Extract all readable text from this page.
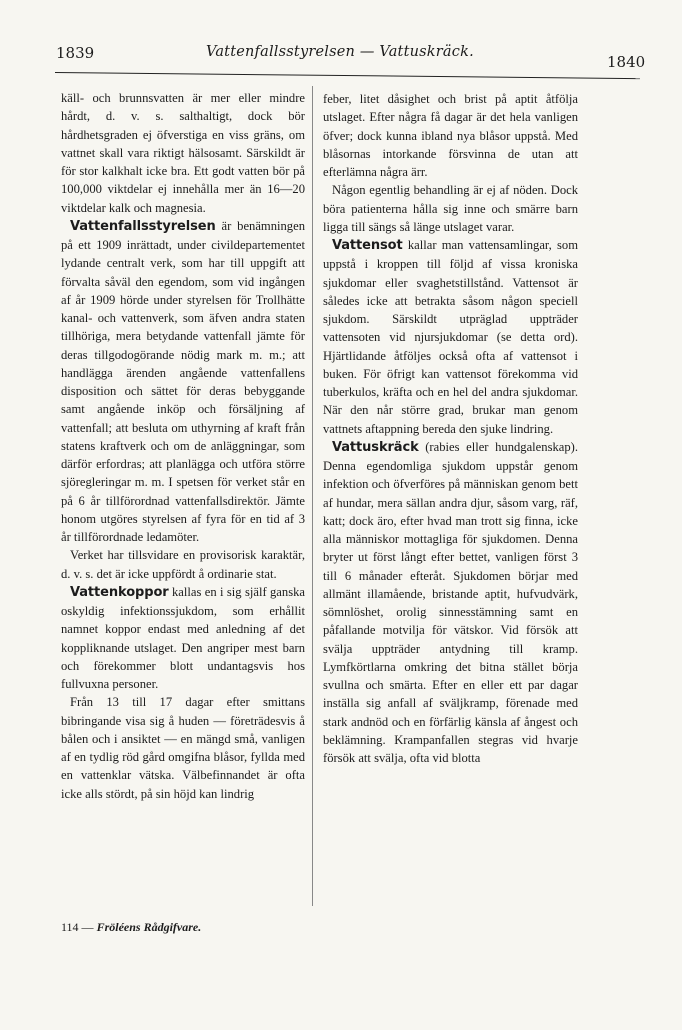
1839	Vattenfallsstyrelsen — Vattuskräck.
1840

käll- och brunnsvatten är mer eller mindre hårdt, d. v. s. salthaltigt, dock bör hårdhetsgraden ej öfverstiga en viss gräns, om vattnet skall vara riktigt hälsosamt. Särskildt är för stor kalkhalt icke bra. Ett godt vatten bör på 100,000 viktdelar ej innehålla mer än 16—20 viktdelar kalk och magnesia.

Vattenfallsstyrelsen är benämningen på ett 1909 inrättadt, under civildepartementet lydande centralt verk, som har till uppgift att förvalta såväl den egendom, som vid ingången af år 1909 hörde under styrelsen för Trollhätte kanal- och vattenverk, som äfven andra staten tillhöriga, mera betydande vattenfall jämte för deras tillgodogörande nödig mark m. m.; att handlägga ärenden angående vattenfallens disposition och sättet för deras bebyggande samt angående inköp och försäljning af vattenfall; att besluta om uthyrning af kraft från statens kraftverk och om de anläggningar, som därför erfordras; att planlägga och utföra större sjöregleringar m. m. I spetsen för verket står en på 6 år tillförordnad vattenfallsdirektör. Jämte honom utgöres styrelsen af fyra för en tid af 3 år tillförordnade ledamöter.

Verket har tillsvidare en provisorisk karaktär, d. v. s. det är icke uppfördt å ordinarie stat.

Vattenkoppor kallas en i sig själf ganska oskyldig infektionssjukdom, som erhållit namnet koppor endast med anledning af det koppliknande utslaget. Den angriper mest barn och förekommer blott undantagsvis hos fullvuxna personer.

Från 13 till 17 dagar efter smittans bibringande visa sig å huden — företrädesvis å bålen och i ansiktet — en mängd små, vanligen af en tydlig röd gård omgifna blåsor, fyllda med en vattenklar vätska. Välbefinnandet är ofta icke alls stördt, på sin höjd kan lindrig

feber, litet dåsighet och brist på aptit åtfölja utslaget. Efter några få dagar är det hela vanligen öfver; dock kunna ibland nya blåsor uppstå. Med blåsornas intorkande försvinna de utan att efterlämna några ärr.

Någon egentlig behandling är ej af nöden. Dock böra patienterna hålla sig inne och smärre barn ligga till sängs så länge utslaget varar.

Vattensot kallar man vattensamlingar, som uppstå i kroppen till följd af vissa kroniska sjukdomar eller svaghetstillstånd. Vattensot är således icke att betrakta såsom någon speciell sjukdom. Särskildt utpräglad uppträder vattensoten vid njursjukdomar (se detta ord). Hjärtlidande åtföljes också ofta af vattensot i buken. För öfrigt kan vattensot förekomma vid tuberkulos, kräfta och en hel del andra sjukdomar. När den når större grad, brukar man genom vattnets aftappning bereda den sjuke lindring.

Vattuskräck (rabies eller hundgalenskap). Denna egendomliga sjukdom uppstår genom infektion och öfverföres på människan genom bett af hundar, mera sällan andra djur, såsom varg, räf, katt; dock äro, efter hvad man trott sig finna, icke alla människor mottagliga för sjukdomen. Denna bryter ut först långt efter bettet, vanligen först 3 till 6 månader efteråt. Sjukdomen börjar med allmänt illamående, bristande aptit, hufvudvärk, sömnlöshet, orolig sinnesstämning samt en påfallande motvilja för vätskor. Vid försök att svälja uppträder antydning till kramp. Lymfkörtlarna omkring det bitna stället börja svullna och smärta. Efter en eller ett par dagar inställa sig anfall af sväljkramp, förenade med stark andnöd och en förfärlig känsla af ångest och beklämning. Krampanfallen stegras vid hvarje försök att svälja, ofta vid blotta

114 — Fröléens Rådgifvare.
